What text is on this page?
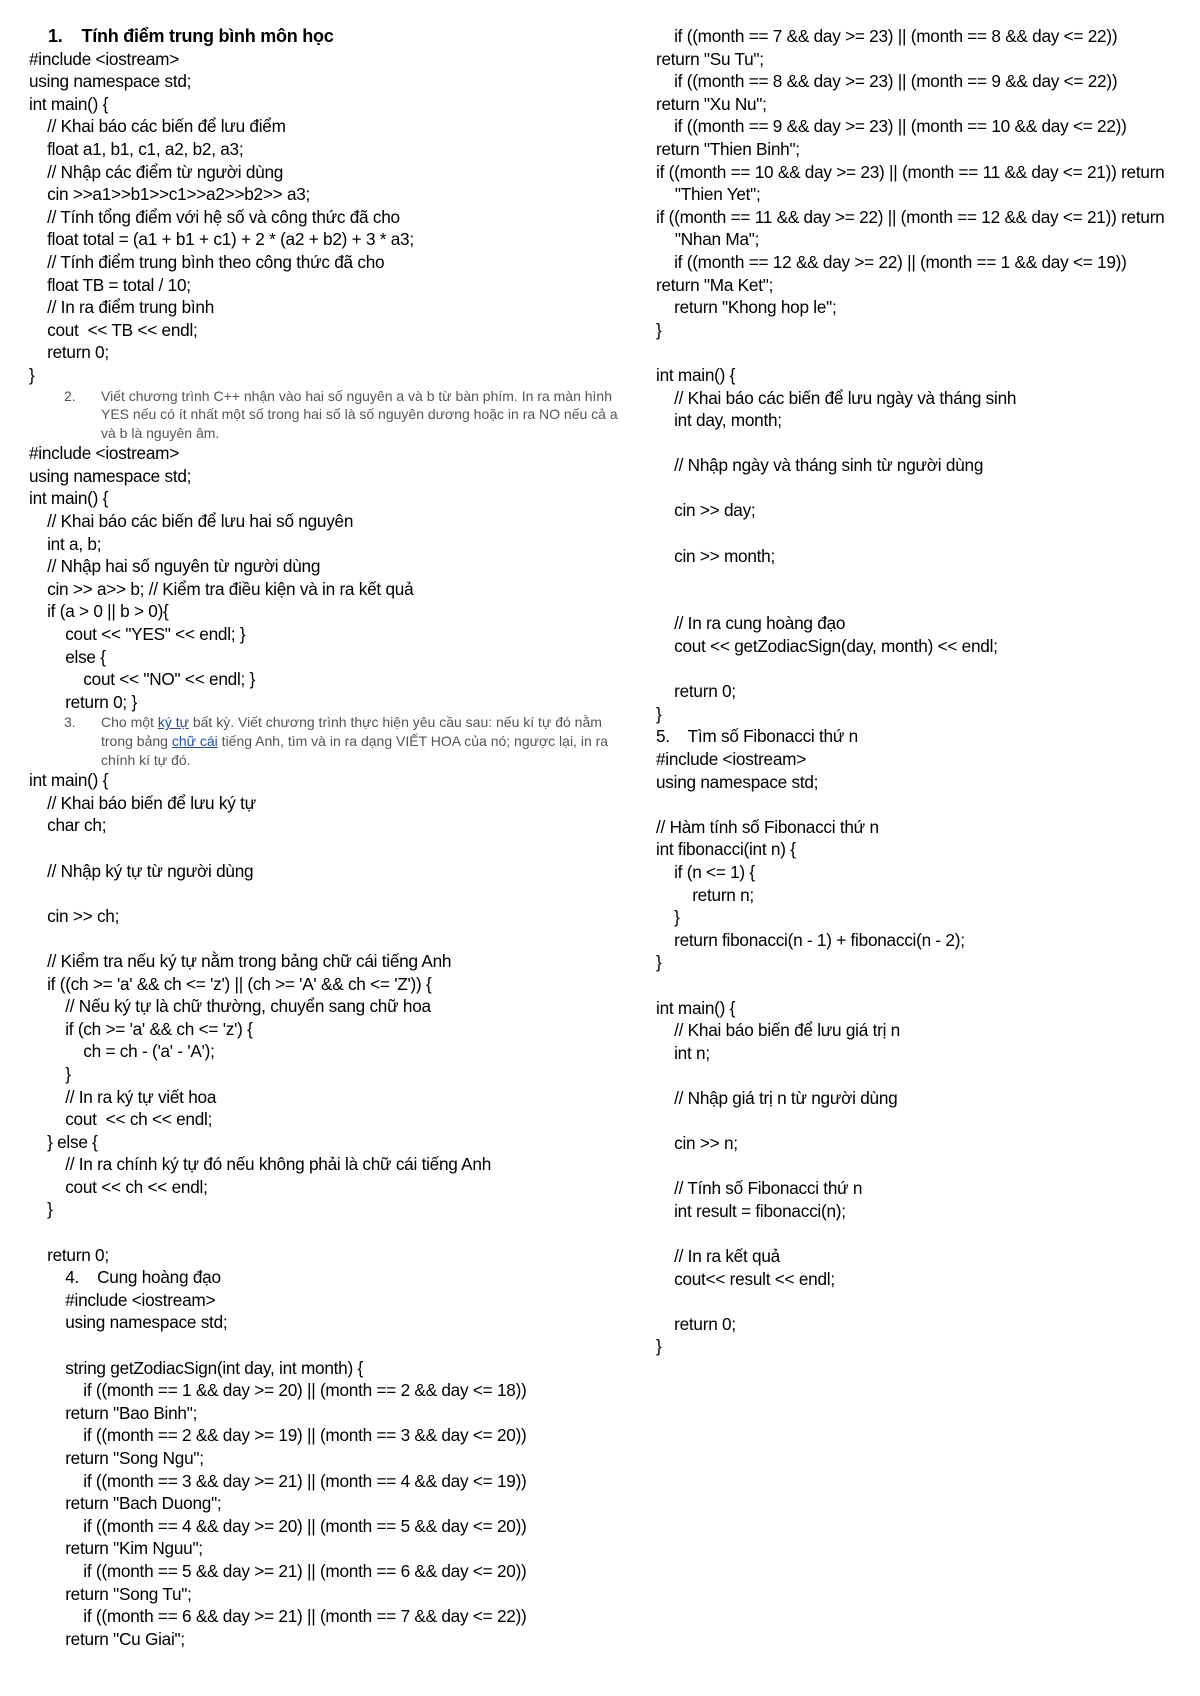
1.    Tính điểm trung bình môn học
#include <iostream>
using namespace std;
int main() {
// Khai báo các biến để lưu điểm
float a1, b1, c1, a2, b2, a3;
// Nhập các điểm từ người dùng
cin >>a1>>b1>>c1>>a2>>b2>> a3;
// Tính tổng điểm với hệ số và công thức đã cho
float total = (a1 + b1 + c1) + 2 * (a2 + b2) + 3 * a3;
// Tính điểm trung bình theo công thức đã cho
float TB = total / 10;
// In ra điểm trung bình
cout  << TB << endl;
return 0;
}
2. Viết chương trình C++ nhận vào hai số nguyên a và b từ bàn phím. In ra màn hình YES nếu có ít nhất một số trong hai số là số nguyên dương hoặc in ra NO nếu cả a và b là nguyên âm.
#include <iostream>
using namespace std;
int main() {
// Khai báo các biến để lưu hai số nguyên
int a, b;
// Nhập hai số nguyên từ người dùng
cin >> a>> b; // Kiểm tra điều kiện và in ra kết quả
if (a > 0 || b > 0){
cout << "YES" << endl; }
else {
cout << "NO" << endl; }
return 0; }
3. Cho một ký tự bất kỳ. Viết chương trình thực hiện yêu cầu sau: nếu kí tự đó nằm trong bảng chữ cái tiếng Anh, tìm và in ra dạng VIẾT HOA của nó; ngược lại, in ra chính kí tự đó.
int main() {
// Khai báo biến để lưu ký tự
char ch;
// Nhập ký tự từ người dùng
cin >> ch;
// Kiểm tra nếu ký tự nằm trong bảng chữ cái tiếng Anh
if ((ch >= 'a' && ch <= 'z') || (ch >= 'A' && ch <= 'Z')) {
// Nếu ký tự là chữ thường, chuyển sang chữ hoa
if (ch >= 'a' && ch <= 'z') {
ch = ch - ('a' - 'A');
}
// In ra ký tự viết hoa
cout  << ch << endl;
} else {
// In ra chính ký tự đó nếu không phải là chữ cái tiếng Anh
cout << ch << endl;
}
return 0;
4.    Cung hoàng đạo
#include <iostream>
using namespace std;
string getZodiacSign(int day, int month) {
if ((month == 1 && day >= 20) || (month == 2 && day <= 18))
return "Bao Binh";
if ((month == 2 && day >= 19) || (month == 3 && day <= 20))
return "Song Ngu";
if ((month == 3 && day >= 21) || (month == 4 && day <= 19))
return "Bach Duong";
if ((month == 4 && day >= 20) || (month == 5 && day <= 20))
return "Kim Nguu";
if ((month == 5 && day >= 21) || (month == 6 && day <= 20))
return "Song Tu";
if ((month == 6 && day >= 21) || (month == 7 && day <= 22))
return "Cu Giai";
if ((month == 7 && day >= 23) || (month == 8 && day <= 22))
return "Su Tu";
if ((month == 8 && day >= 23) || (month == 9 && day <= 22))
return "Xu Nu";
if ((month == 9 && day >= 23) || (month == 10 && day <= 22))
return "Thien Binh";
if ((month == 10 && day >= 23) || (month == 11 && day <= 21)) return "Thien Yet";
if ((month == 11 && day >= 22) || (month == 12 && day <= 21)) return "Nhan Ma";
if ((month == 12 && day >= 22) || (month == 1 && day <= 19))
return "Ma Ket";
return "Khong hop le";
}
int main() {
// Khai báo các biến để lưu ngày và tháng sinh
int day, month;
// Nhập ngày và tháng sinh từ người dùng
cin >> day;
cin >> month;
// In ra cung hoàng đạo
cout << getZodiacSign(day, month) << endl;
return 0;
}
5.    Tìm số Fibonacci thứ n
#include <iostream>
using namespace std;
// Hàm tính số Fibonacci thứ n
int fibonacci(int n) {
if (n <= 1) {
return n;
}
return fibonacci(n - 1) + fibonacci(n - 2);
}
int main() {
// Khai báo biến để lưu giá trị n
int n;
// Nhập giá trị n từ người dùng
cin >> n;
// Tính số Fibonacci thứ n
int result = fibonacci(n);
// In ra kết quả
cout<< result << endl;
return 0;
}
